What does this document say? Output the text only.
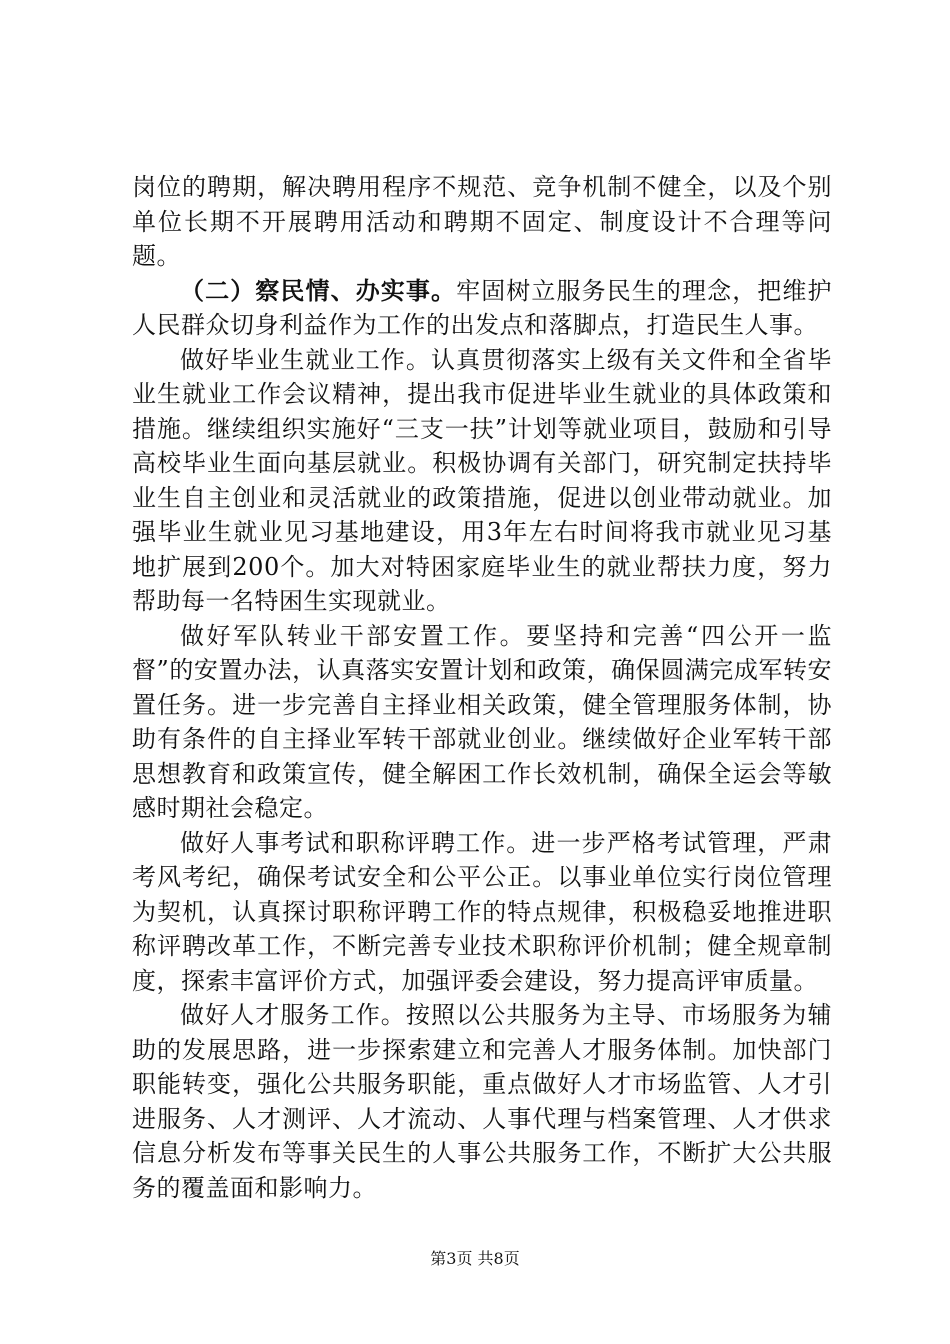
岗位的聘期，解决聘用程序不规范、竞争机制不健全，以及个别单位长期不开展聘用活动和聘期不固定、制度设计不合理等问题。

（二）察民情、办实事。牢固树立服务民生的理念，把维护人民群众切身利益作为工作的出发点和落脚点，打造民生人事。

做好毕业生就业工作。认真贯彻落实上级有关文件和全省毕业生就业工作会议精神，提出我市促进毕业生就业的具体政策和措施。继续组织实施好“三支一扶”计划等就业项目，鼓励和引导高校毕业生面向基层就业。积极协调有关部门，研究制定扶持毕业生自主创业和灵活就业的政策措施，促进以创业带动就业。加强毕业生就业见习基地建设，用3年左右时间将我市就业见习基地扩展到200个。加大对特困家庭毕业生的就业帮扶力度，努力帮助每一名特困生实现就业。

做好军队转业干部安置工作。要坚持和完善“四公开一监督”的安置办法，认真落实安置计划和政策，确保圆满完成军转安置任务。进一步完善自主择业相关政策，健全管理服务体制，协助有条件的自主择业军转干部就业创业。继续做好企业军转干部思想教育和政策宣传，健全解困工作长效机制，确保全运会等敏感时期社会稳定。

做好人事考试和职称评聘工作。进一步严格考试管理，严肃考风考纪，确保考试安全和公平公正。以事业单位实行岗位管理为契机，认真探讨职称评聘工作的特点规律，积极稳妥地推进职称评聘改革工作，不断完善专业技术职称评价机制；健全规章制度，探索丰富评价方式，加强评委会建设，努力提高评审质量。

做好人才服务工作。按照以公共服务为主导、市场服务为辅助的发展思路，进一步探索建立和完善人才服务体制。加快部门职能转变，强化公共服务职能，重点做好人才市场监管、人才引进服务、人才测评、人才流动、人事代理与档案管理、人才供求信息分析发布等事关民生的人事公共服务工作，不断扩大公共服务的覆盖面和影响力。

第3页 共8页
